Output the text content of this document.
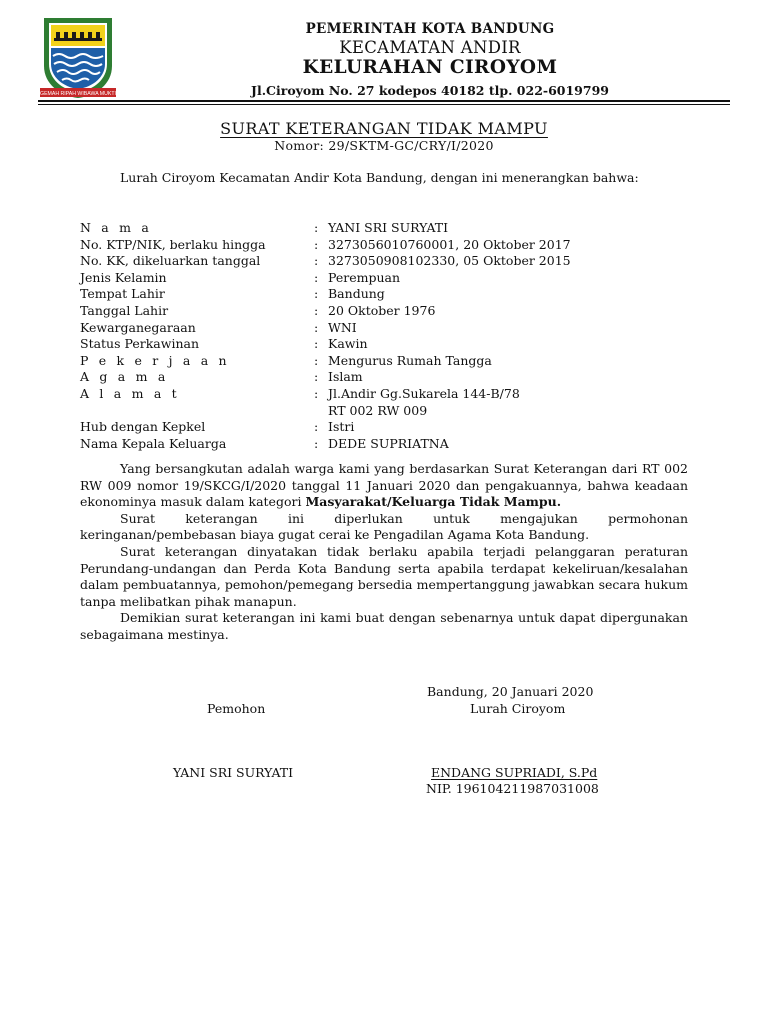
GEMAH RIPAH WIBAWA MUKTI
PEMERINTAH KOTA BANDUNG
KECAMATAN ANDIR
KELURAHAN CIROYOM
Jl.Ciroyom No. 27 kodepos 40182 tlp. 022-6019799
SURAT KETERANGAN TIDAK MAMPU
Nomor: 29/SKTM-GC/CRY/I/2020

Lurah Ciroyom Kecamatan Andir Kota Bandung, dengan ini menerangkan bahwa:

N a m a	: YANI SRI SURYATI
No. KTP/NIK, berlaku hingga	: 3273056010760001, 20 Oktober 2017
No. KK, dikeluarkan tanggal	: 3273050908102330, 05 Oktober 2015
Jenis Kelamin	: Perempuan
Tempat Lahir	: Bandung
Tanggal Lahir	: 20 Oktober 1976
Kewarganegaraan	: WNI
Status Perkawinan	: Kawin
P e k e r j a a n	: Mengurus Rumah Tangga
A g a m a	: Islam
A l a m a t	: Jl.Andir Gg.Sukarela 144-B/78
RT 002 RW 009
Hub dengan Kepkel	: Istri
Nama Kepala Keluarga	: DEDE SUPRIATNA

Yang bersangkutan adalah warga kami yang berdasarkan Surat Keterangan dari RT 002 RW 009 nomor 19/SKCG/I/2020 tanggal 11 Januari 2020 dan pengakuannya, bahwa keadaan ekonominya masuk dalam kategori Masyarakat/Keluarga Tidak Mampu.

Surat keterangan ini diperlukan untuk mengajukan permohonan keringanan/pembebasan biaya gugat cerai ke Pengadilan Agama Kota Bandung.

Surat keterangan dinyatakan tidak berlaku apabila terjadi pelanggaran peraturan Perundang-undangan dan Perda Kota Bandung serta apabila terdapat kekeliruan/kesalahan dalam pembuatannya, pemohon/pemegang bersedia mempertanggung jawabkan secara hukum tanpa melibatkan pihak manapun.

Demikian surat keterangan ini kami buat dengan sebenarnya untuk dapat dipergunakan sebagaimana mestinya.

Bandung, 20 Januari 2020
Pemohon	Lurah Ciroyom
YANI SRI SURYATI	ENDANG SUPRIADI, S.Pd
NIP. 196104211987031008
